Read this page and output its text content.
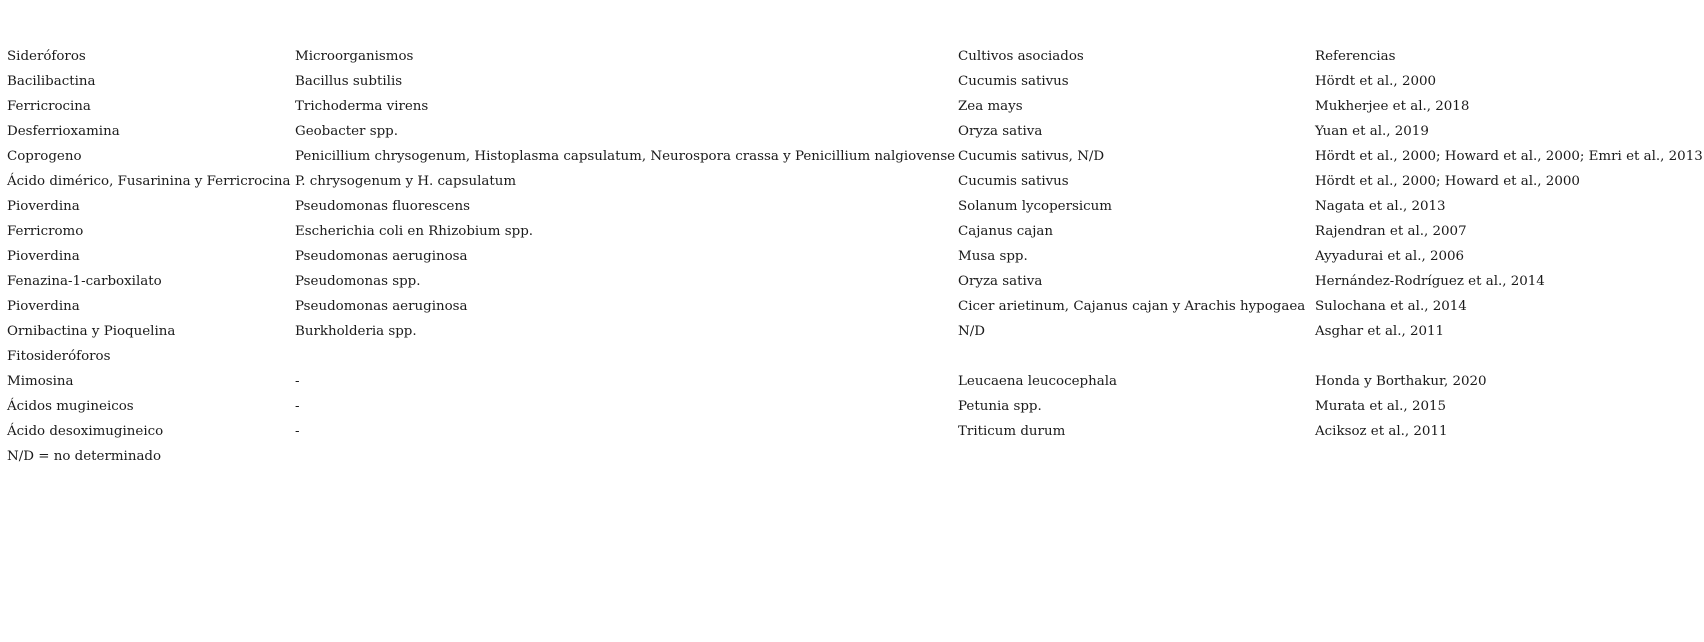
Sideróforos	Microorganismos	Cultivos asociados	Referencias
Bacilibactina	Bacillus subtilis	Cucumis sativus	Hördt et al., 2000
Ferricrocina	Trichoderma virens	Zea mays	Mukherjee et al., 2018
Desferrioxamina	Geobacter spp.	Oryza sativa	Yuan et al., 2019
Coprogeno	Penicillium chrysogenum, Histoplasma capsulatum, Neurospora crassa y Penicillium nalgiovense	Cucumis sativus, N/D	Hördt et al., 2000; Howard et al., 2000; Emri et al., 2013
Ácido dimérico, Fusarinina y Ferricrocina	P. chrysogenum y H. capsulatum	Cucumis sativus	Hördt et al., 2000; Howard et al., 2000
Pioverdina	Pseudomonas fluorescens	Solanum lycopersicum	Nagata et al., 2013
Ferricromo	Escherichia coli en Rhizobium spp.	Cajanus cajan	Rajendran et al., 2007
Pioverdina	Pseudomonas aeruginosa	Musa spp.	Ayyadurai et al., 2006
Fenazina-1-carboxilato	Pseudomonas spp.	Oryza sativa	Hernández-Rodríguez et al., 2014
Pioverdina	Pseudomonas aeruginosa	Cicer arietinum, Cajanus cajan y Arachis hypogaea	Sulochana et al., 2014
Ornibactina y Pioquelina	Burkholderia spp.	N/D	Asghar et al., 2011
Fitosideróforos			
Mimosina	-	Leucaena leucocephala	Honda y Borthakur, 2020
Ácidos mugineicos	-	Petunia spp.	Murata et al., 2015
Ácido desoximugineico	-	Triticum durum	Aciksoz et al., 2011
N/D = no determinado			
